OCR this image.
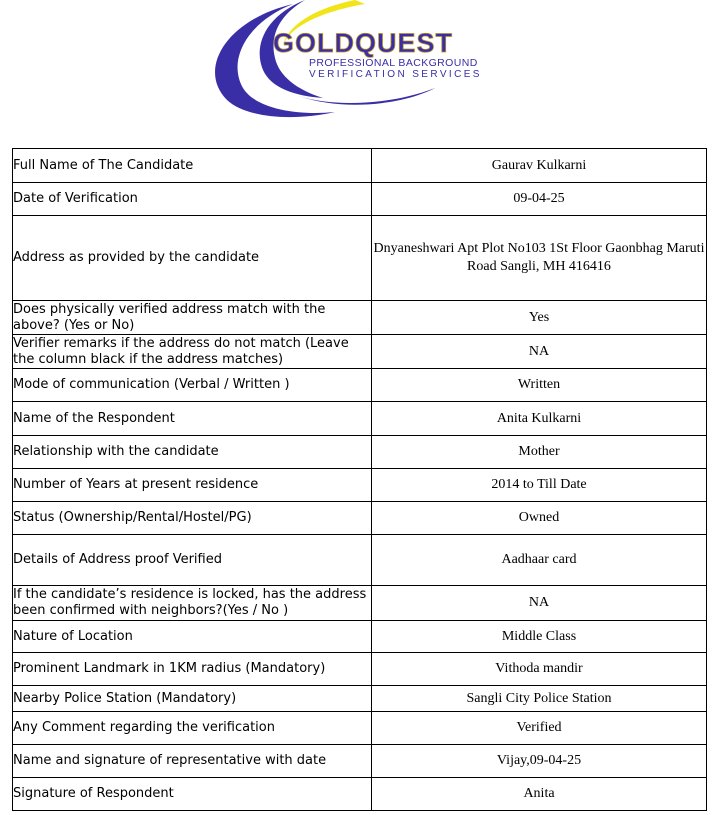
GOLDQUEST
PROFESSIONAL BACKGROUND
VERIFICATION SERVICES
Full Name of The Candidate	Gaurav Kulkarni
Date of Verification	09-04-25
Address as provided by the candidate	Dnyaneshwari Apt Plot No103 1St Floor Gaonbhag Maruti Road Sangli, MH 416416
Does physically verified address match with the above? (Yes or No)	Yes
Verifier remarks if the address do not match (Leave the column black if the address matches)	NA
Mode of communication (Verbal / Written )	Written
Name of the Respondent	Anita Kulkarni
Relationship with the candidate	Mother
Number of Years at present residence	2014 to Till Date
Status (Ownership/Rental/Hostel/PG)	Owned
Details of Address proof Verified	Aadhaar card
If the candidate’s residence is locked, has the address been confirmed with neighbors?(Yes / No )	NA
Nature of Location	Middle Class
Prominent Landmark in 1KM radius (Mandatory)	Vithoda mandir
Nearby Police Station (Mandatory)	Sangli City Police Station
Any Comment regarding the verification	Verified
Name and signature of representative with date	Vijay,09-04-25
Signature of Respondent	Anita
